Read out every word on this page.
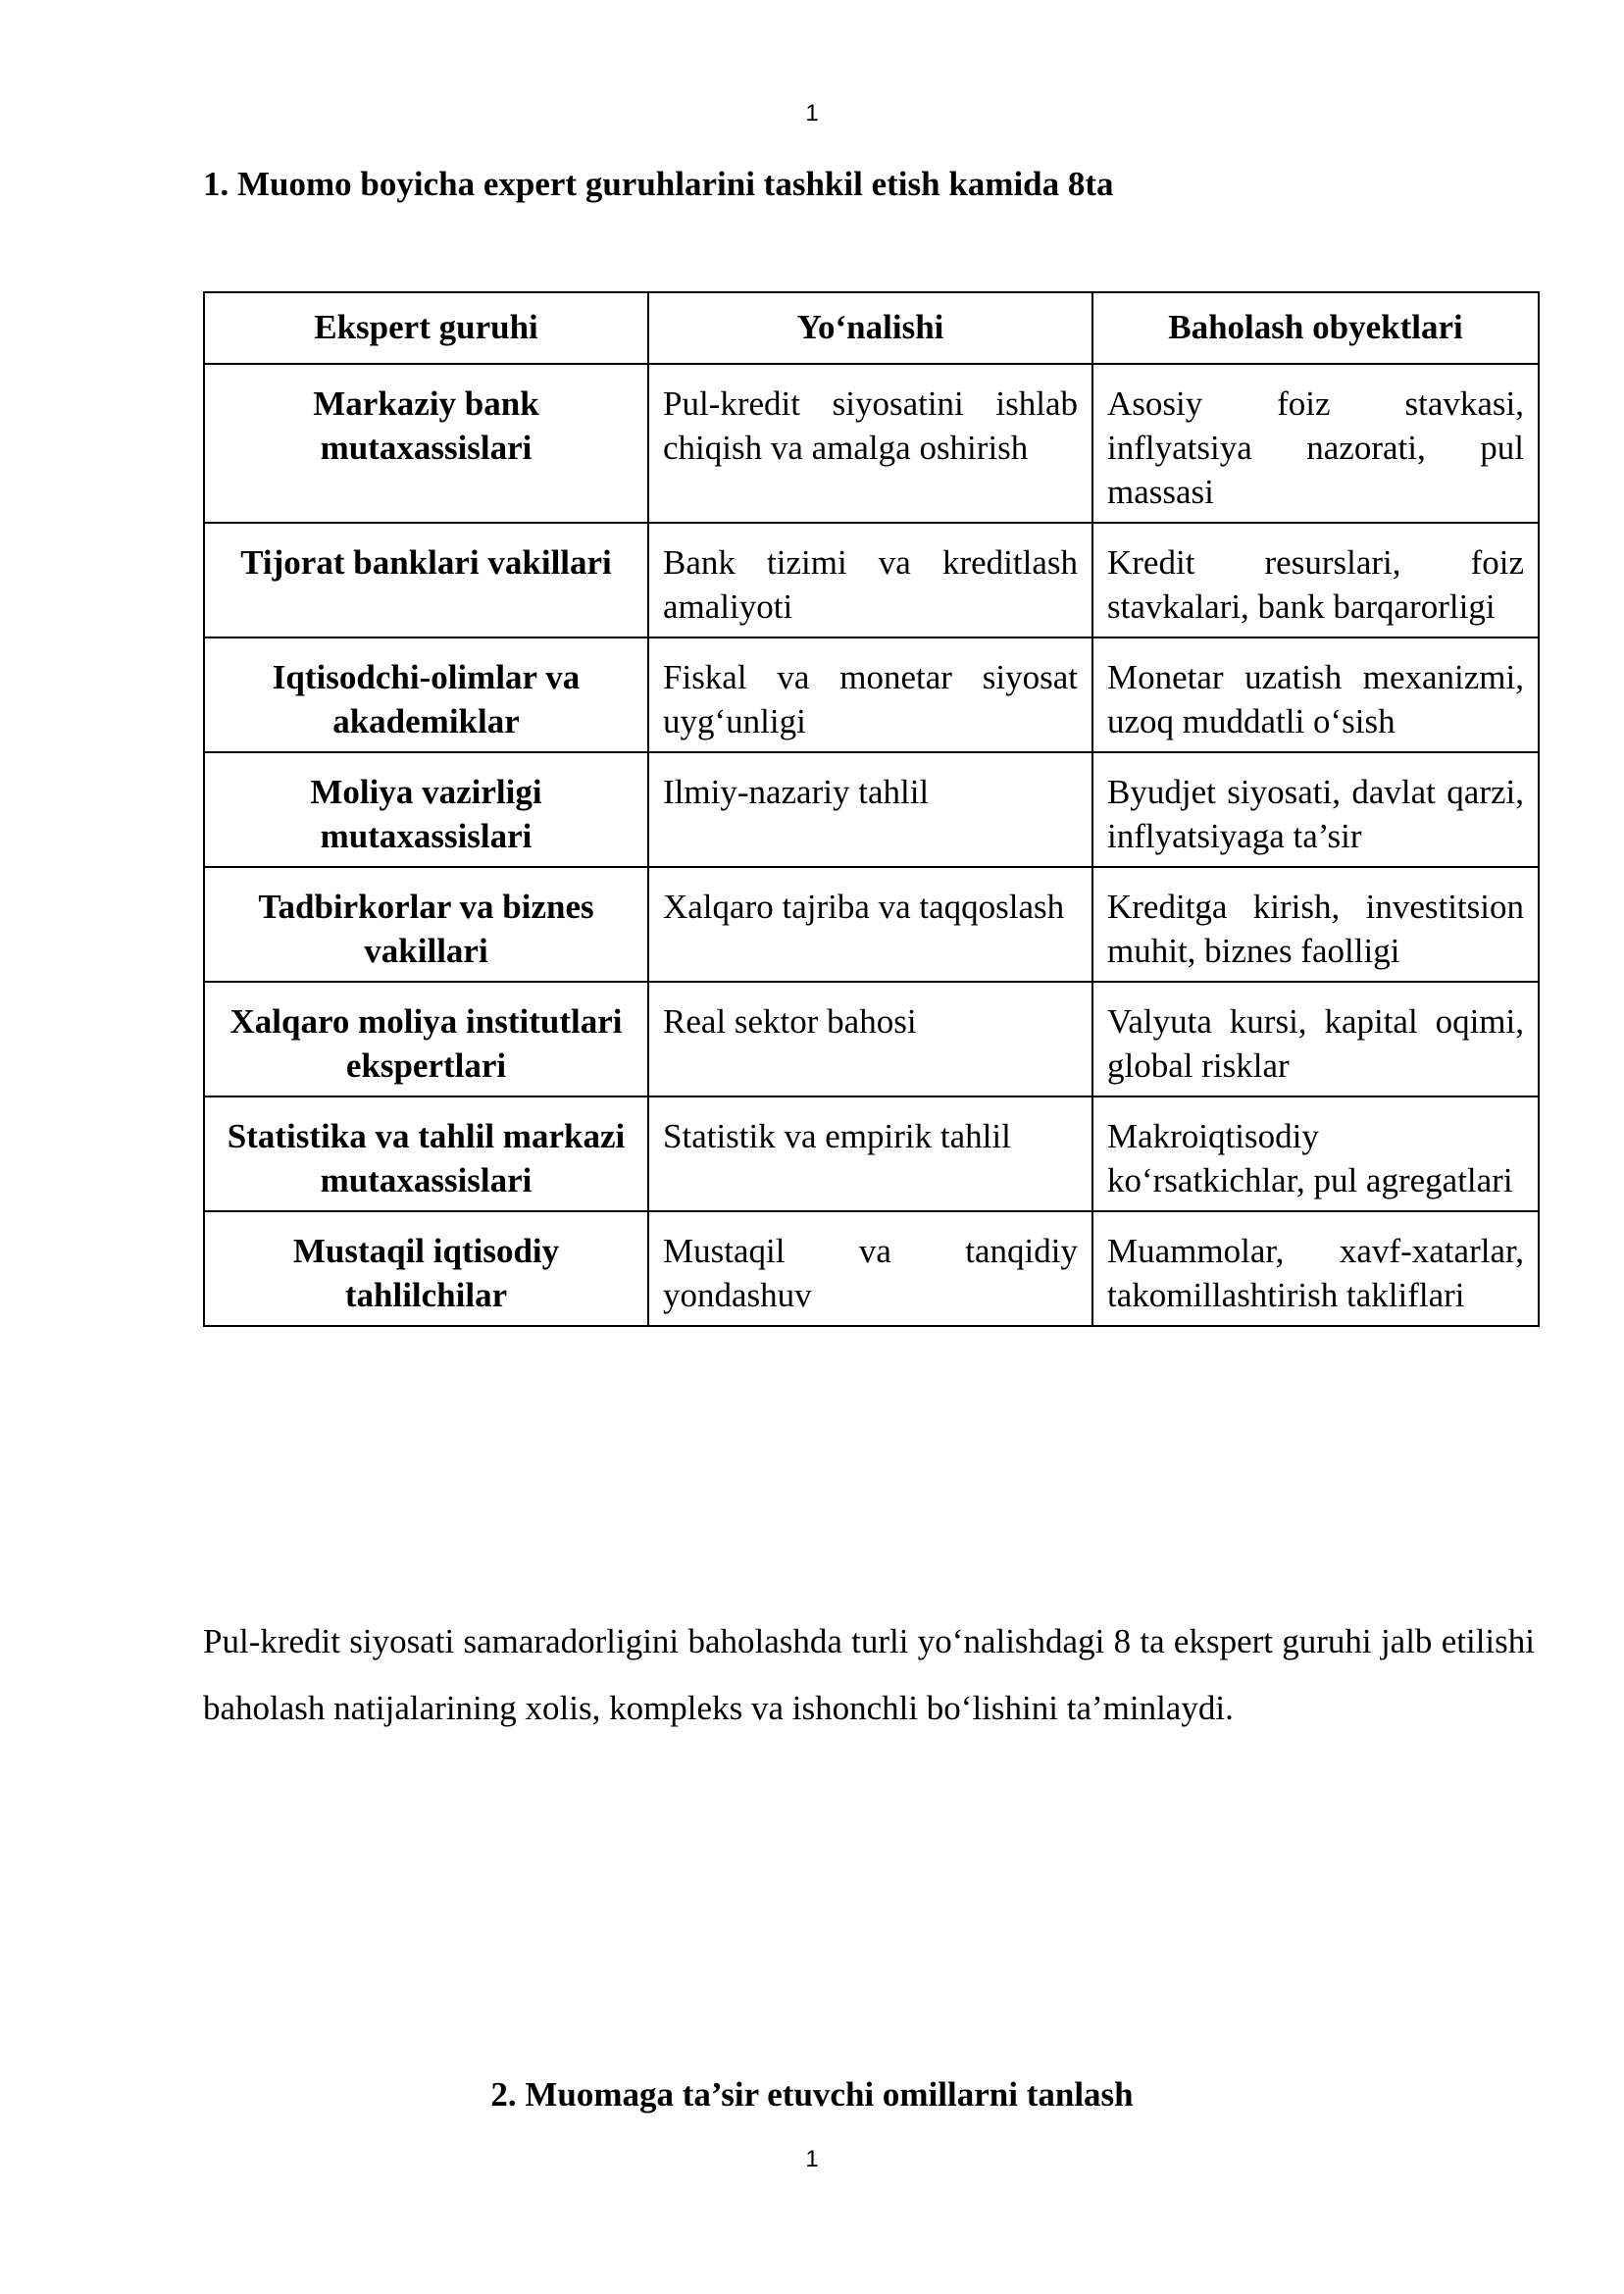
1
1. Muomo boyicha expert guruhlarini tashkil etish kamida 8ta
Ekspert guruhi	Yo‘nalishi	Baholash obyektlari
Markaziy bank mutaxassislari	Pul-kredit siyosatini ishlab chiqish va amalga oshirish	Asosiy foiz stavkasi, inflyatsiya nazorati, pul massasi
Tijorat banklari vakillari	Bank tizimi va kreditlash amaliyoti	Kredit resurslari, foiz stavkalari, bank barqarorligi
Iqtisodchi-olimlar va akademiklar	Fiskal va monetar siyosat uyg‘unligi	Monetar uzatish mexanizmi, uzoq muddatli o‘sish
Moliya vazirligi mutaxassislari	Ilmiy-nazariy tahlil	Byudjet siyosati, davlat qarzi, inflyatsiyaga ta’sir
Tadbirkorlar va biznes vakillari	Xalqaro tajriba va taqqoslash	Kreditga kirish, investitsion muhit, biznes faolligi
Xalqaro moliya institutlari ekspertlari	Real sektor bahosi	Valyuta kursi, kapital oqimi, global risklar
Statistika va tahlil markazi mutaxassislari	Statistik va empirik tahlil	Makroiqtisodiy ko‘rsatkichlar, pul agregatlari
Mustaqil iqtisodiy tahlilchilar	Mustaqil va tanqidiy yondashuv	Muammolar, xavf-xatarlar, takomillashtirish takliflari

Pul-kredit siyosati samaradorligini baholashda turli yo‘nalishdagi 8 ta ekspert guruhi jalb etilishi baholash natijalarining xolis, kompleks va ishonchli bo‘lishini ta’minlaydi.

2. Muomaga ta’sir etuvchi omillarni tanlash
1
